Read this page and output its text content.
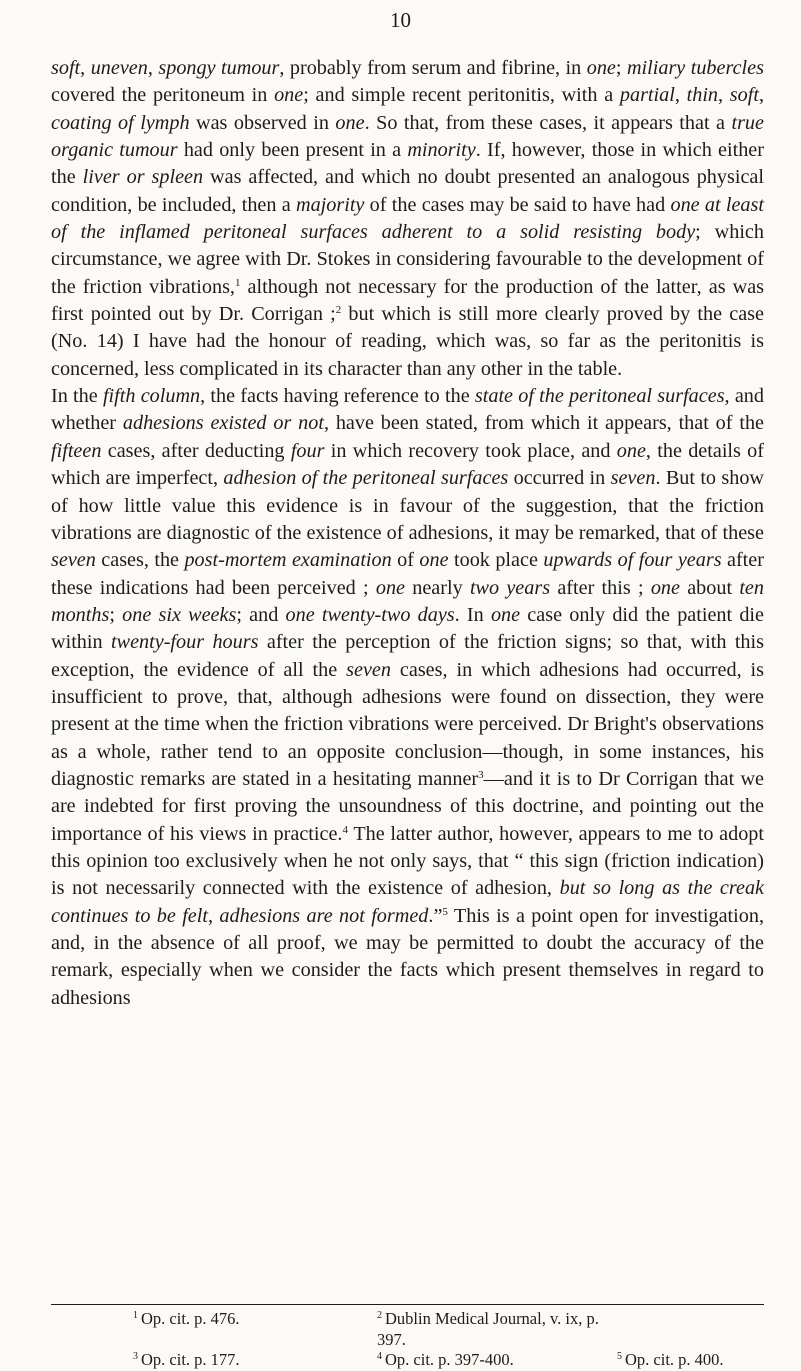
10

soft, uneven, spongy tumour, probably from serum and fibrine, in one; miliary tubercles covered the peritoneum in one; and simple recent peritonitis, with a partial, thin, soft, coating of lymph was observed in one. So that, from these cases, it appears that a true organic tumour had only been present in a minority. If, however, those in which either the liver or spleen was affected, and which no doubt presented an analogous physical condition, be included, then a majority of the cases may be said to have had one at least of the inflamed peritoneal surfaces adherent to a solid resisting body; which circumstance, we agree with Dr. Stokes in considering favourable to the development of the friction vibrations,$^1$ although not necessary for the production of the latter, as was first pointed out by Dr. Corrigan ;$^2$ but which is still more clearly proved by the case (No. 14) I have had the honour of reading, which was, so far as the peritonitis is concerned, less complicated in its character than any other in the table.

In the fifth column, the facts having reference to the state of the peritoneal surfaces, and whether adhesions existed or not, have been stated, from which it appears, that of the fifteen cases, after deducting four in which recovery took place, and one, the details of which are imperfect, adhesion of the peritoneal surfaces occurred in seven. But to show of how little value this evidence is in favour of the suggestion, that the friction vibrations are diagnostic of the existence of adhesions, it may be remarked, that of these seven cases, the post-mortem examination of one took place upwards of four years after these indications had been perceived ; one nearly two years after this ; one about ten months; one six weeks; and one twenty-two days. In one case only did the patient die within twenty-four hours after the perception of the friction signs; so that, with this exception, the evidence of all the seven cases, in which adhesions had occurred, is insufficient to prove, that, although adhesions were found on dissection, they were present at the time when the friction vibrations were perceived. Dr Bright's observations as a whole, rather tend to an opposite conclusion—though, in some instances, his diagnostic remarks are stated in a hesitating manner$^3$—and it is to Dr Corrigan that we are indebted for first proving the unsoundness of this doctrine, and pointing out the importance of his views in practice.$^4$ The latter author, however, appears to me to adopt this opinion too exclusively when he not only says, that “ this sign (friction indication) is not necessarily connected with the existence of adhesion, but so long as the creak continues to be felt, adhesions are not formed.”$^5$ This is a point open for investigation, and, in the absence of all proof, we may be permitted to doubt the accuracy of the remark, especially when we consider the facts which present themselves in regard to adhesions

$^1$ Op. cit. p. 476.	$^2$ Dublin Medical Journal, v. ix, p. 397.
$^3$ Op. cit. p. 177.	$^4$ Op. cit. p. 397-400.	$^5$ Op. cit. p. 400.
